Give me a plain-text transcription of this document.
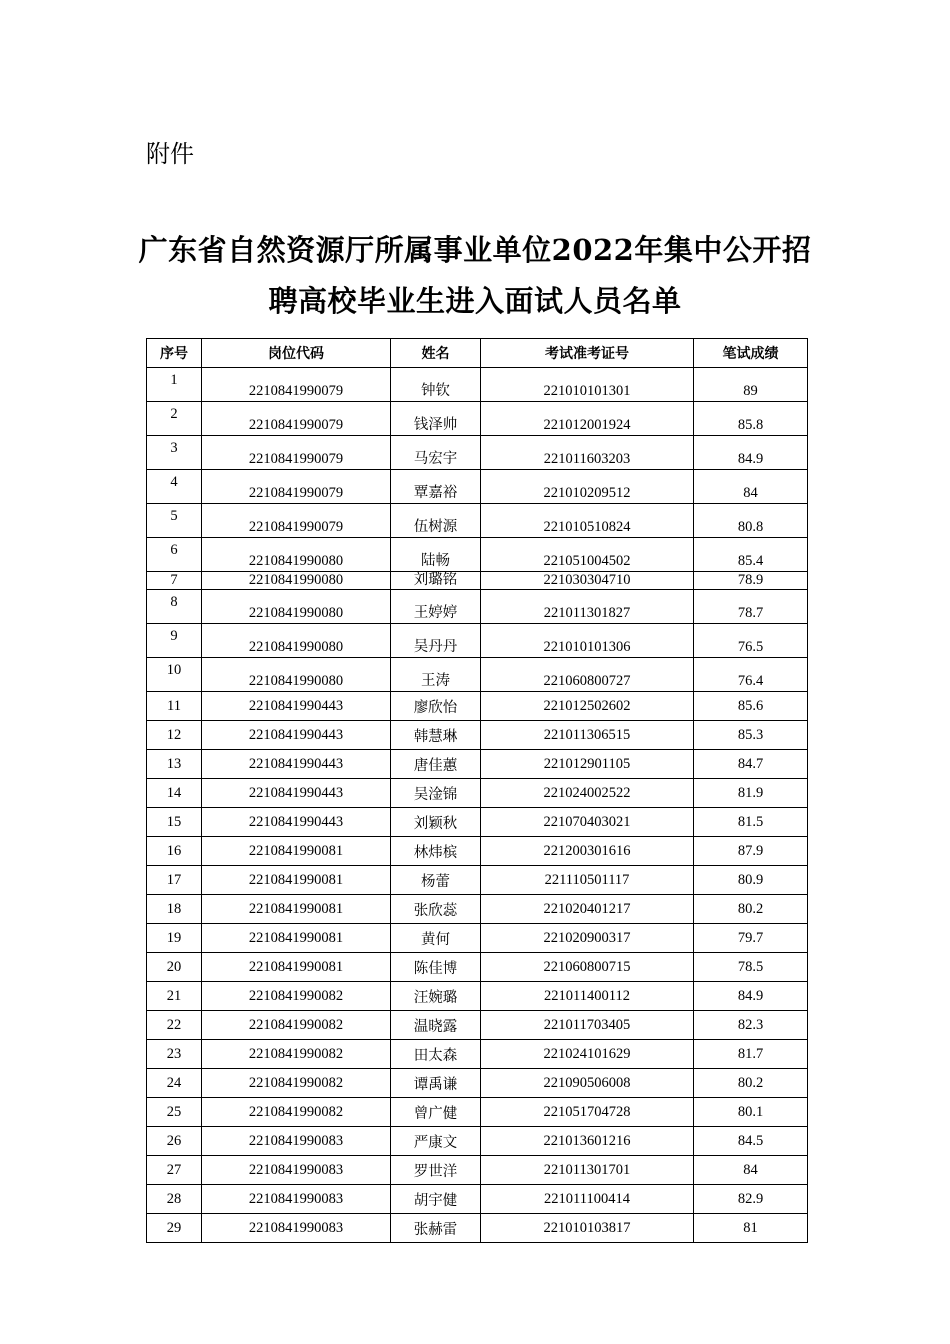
附件
广东省自然资源厅所属事业单位2022年集中公开招
聘高校毕业生进入面试人员名单
序号	岗位代码	姓名	考试准考证号	笔试成绩
1	2210841990079	钟钦	221010101301	89
2	2210841990079	钱泽帅	221012001924	85.8
3	2210841990079	马宏宇	221011603203	84.9
4	2210841990079	覃嘉裕	221010209512	84
5	2210841990079	伍树源	221010510824	80.8
6	2210841990080	陆畅	221051004502	85.4
7	2210841990080	刘璐铭	221030304710	78.9
8	2210841990080	王婷婷	221011301827	78.7
9	2210841990080	吴丹丹	221010101306	76.5
10	2210841990080	王涛	221060800727	76.4
11	2210841990443	廖欣怡	221012502602	85.6
12	2210841990443	韩慧琳	221011306515	85.3
13	2210841990443	唐佳蕙	221012901105	84.7
14	2210841990443	吴淦锦	221024002522	81.9
15	2210841990443	刘颖秋	221070403021	81.5
16	2210841990081	林炜槟	221200301616	87.9
17	2210841990081	杨蕾	221110501117	80.9
18	2210841990081	张欣蕊	221020401217	80.2
19	2210841990081	黄何	221020900317	79.7
20	2210841990081	陈佳博	221060800715	78.5
21	2210841990082	汪婉璐	221011400112	84.9
22	2210841990082	温晓露	221011703405	82.3
23	2210841990082	田太森	221024101629	81.7
24	2210841990082	谭禹谦	221090506008	80.2
25	2210841990082	曾广健	221051704728	80.1
26	2210841990083	严康文	221013601216	84.5
27	2210841990083	罗世洋	221011301701	84
28	2210841990083	胡宇健	221011100414	82.9
29	2210841990083	张赫雷	221010103817	81
